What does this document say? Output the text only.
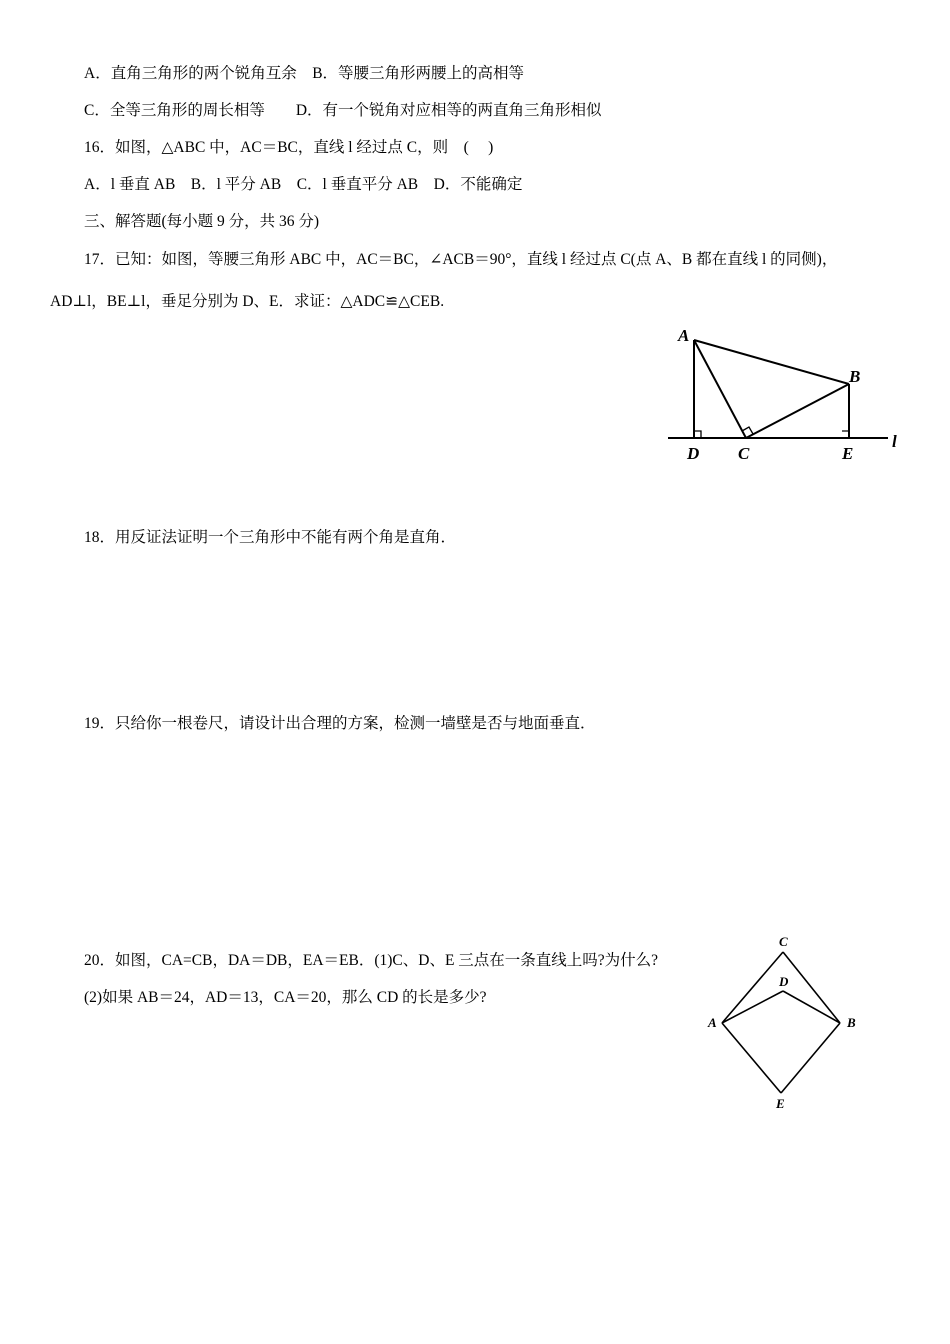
A．直角三角形的两个锐角互余　B．等腰三角形两腰上的高相等
C．全等三角形的周长相等　　D．有一个锐角对应相等的两直角三角形相似
16．如图，△ABC 中，AC＝BC，直线 l 经过点 C，则　(　 )
A．l 垂直 AB　B．l 平分 AB　C．l 垂直平分 AB　D．不能确定
三、解答题(每小题 9 分，共 36 分)
17．已知：如图，等腰三角形 ABC 中，AC＝BC，∠ACB＝90°，直线 l 经过点 C(点 A、B 都在直线 l 的同侧)，
AD⊥l，BE⊥l，垂足分别为 D、E．求证：△ADC≌△CEB.
A
B
C
D	E
l
18．用反证法证明一个三角形中不能有两个角是直角．
19．只给你一根卷尺，请设计出合理的方案，检测一墙壁是否与地面垂直．
20．如图，CA=CB，DA＝DB，EA＝EB．(1)C、D、E 三点在一条直线上吗?为什么?
(2)如果 AB＝24，AD＝13，CA＝20，那么 CD 的长是多少?
C
D
A	B
E
